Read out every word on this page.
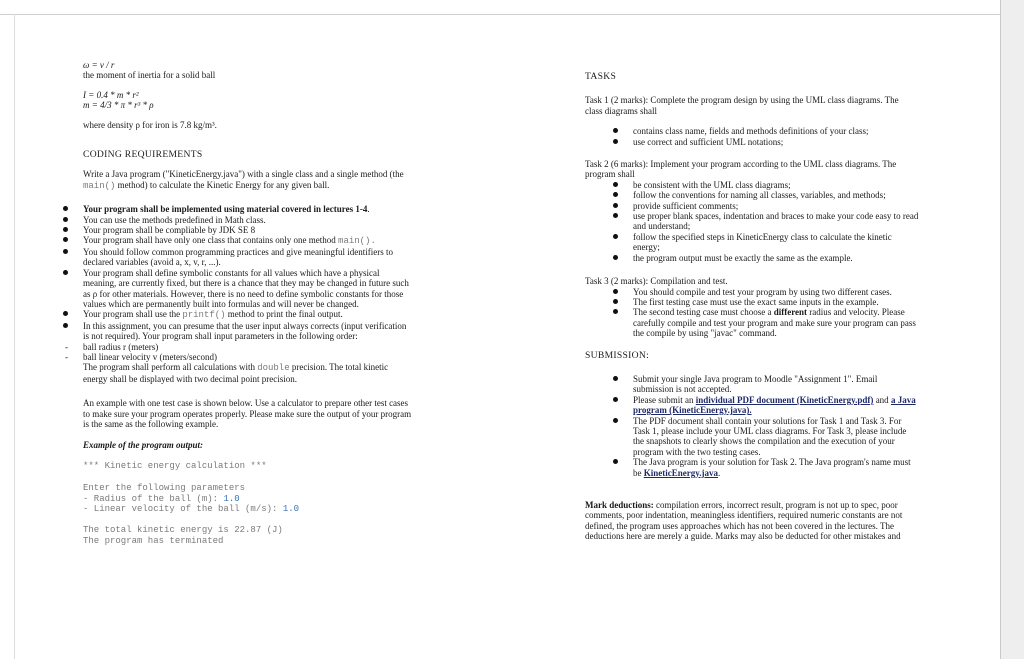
ω = v / r

the moment of inertia for a solid ball

I = 0.4 * m * r²

m = 4/3 * π * r³ * ρ

where density ρ for iron is 7.8 kg/m³.

CODING REQUIREMENTS

Write a Java program ("KineticEnergy.java") with a single class and a single method (the

main() method) to calculate the Kinetic Energy for any given ball.

Your program shall be implemented using material covered in lectures 1-4.
You can use the methods predefined in Math class.
Your program shall be compliable by JDK SE 8
Your program shall have only one class that contains only one method main().
You should follow common programming practices and give meaningful identifiers to
declared variables (avoid a, x, v, r, ...).
Your program shall define symbolic constants for all values which have a physical
meaning, are currently fixed, but there is a chance that they may be changed in future such
as ρ for other materials. However, there is no need to define symbolic constants for those
values which are permanently built into formulas and will never be changed.
Your program shall use the printf() method to print the final output.
In this assignment, you can presume that the user input always corrects (input verification
is not required). Your program shall input parameters in the following order:
- ball radius r (meters)
- ball linear velocity v (meters/second)

The program shall perform all calculations with double precision. The total kinetic

energy shall be displayed with two decimal point precision.

An example with one test case is shown below. Use a calculator to prepare other test cases

to make sure your program operates properly. Please make sure the output of your program

is the same as the following example.

Example of the program output:

*** Kinetic energy calculation ***

Enter the following parameters

- Radius of the ball (m): 1.0

- Linear velocity of the ball (m/s): 1.0

The total kinetic energy is 22.87 (J)

The program has terminated

TASKS

Task 1 (2 marks): Complete the program design by using the UML class diagrams. The

class diagrams shall

contains class name, fields and methods definitions of your class;
use correct and sufficient UML notations;

Task 2 (6 marks): Implement your program according to the UML class diagrams. The

program shall

be consistent with the UML class diagrams;
follow the conventions for naming all classes, variables, and methods;
provide sufficient comments;
use proper blank spaces, indentation and braces to make your code easy to read
and understand;
follow the specified steps in KineticEnergy class to calculate the kinetic
energy;
the program output must be exactly the same as the example.

Task 3 (2 marks): Compilation and test.

You should compile and test your program by using two different cases.
The first testing case must use the exact same inputs in the example.
The second testing case must choose a different radius and velocity. Please
carefully compile and test your program and make sure your program can pass
the compile by using "javac" command.

SUBMISSION:

Submit your single Java program to Moodle "Assignment 1". Email
submission is not accepted.
Please submit an individual PDF document (KineticEnergy.pdf) and a Java
program (KineticEnergy.java).
The PDF document shall contain your solutions for Task 1 and Task 3. For
Task 1, please include your UML class diagrams. For Task 3, please include
the snapshots to clearly shows the compilation and the execution of your
program with the two testing cases.
The Java program is your solution for Task 2. The Java program's name must
be KineticEnergy.java.

Mark deductions: compilation errors, incorrect result, program is not up to spec, poor

comments, poor indentation, meaningless identifiers, required numeric constants are not

defined, the program uses approaches which has not been covered in the lectures. The

deductions here are merely a guide. Marks may also be deducted for other mistakes and
